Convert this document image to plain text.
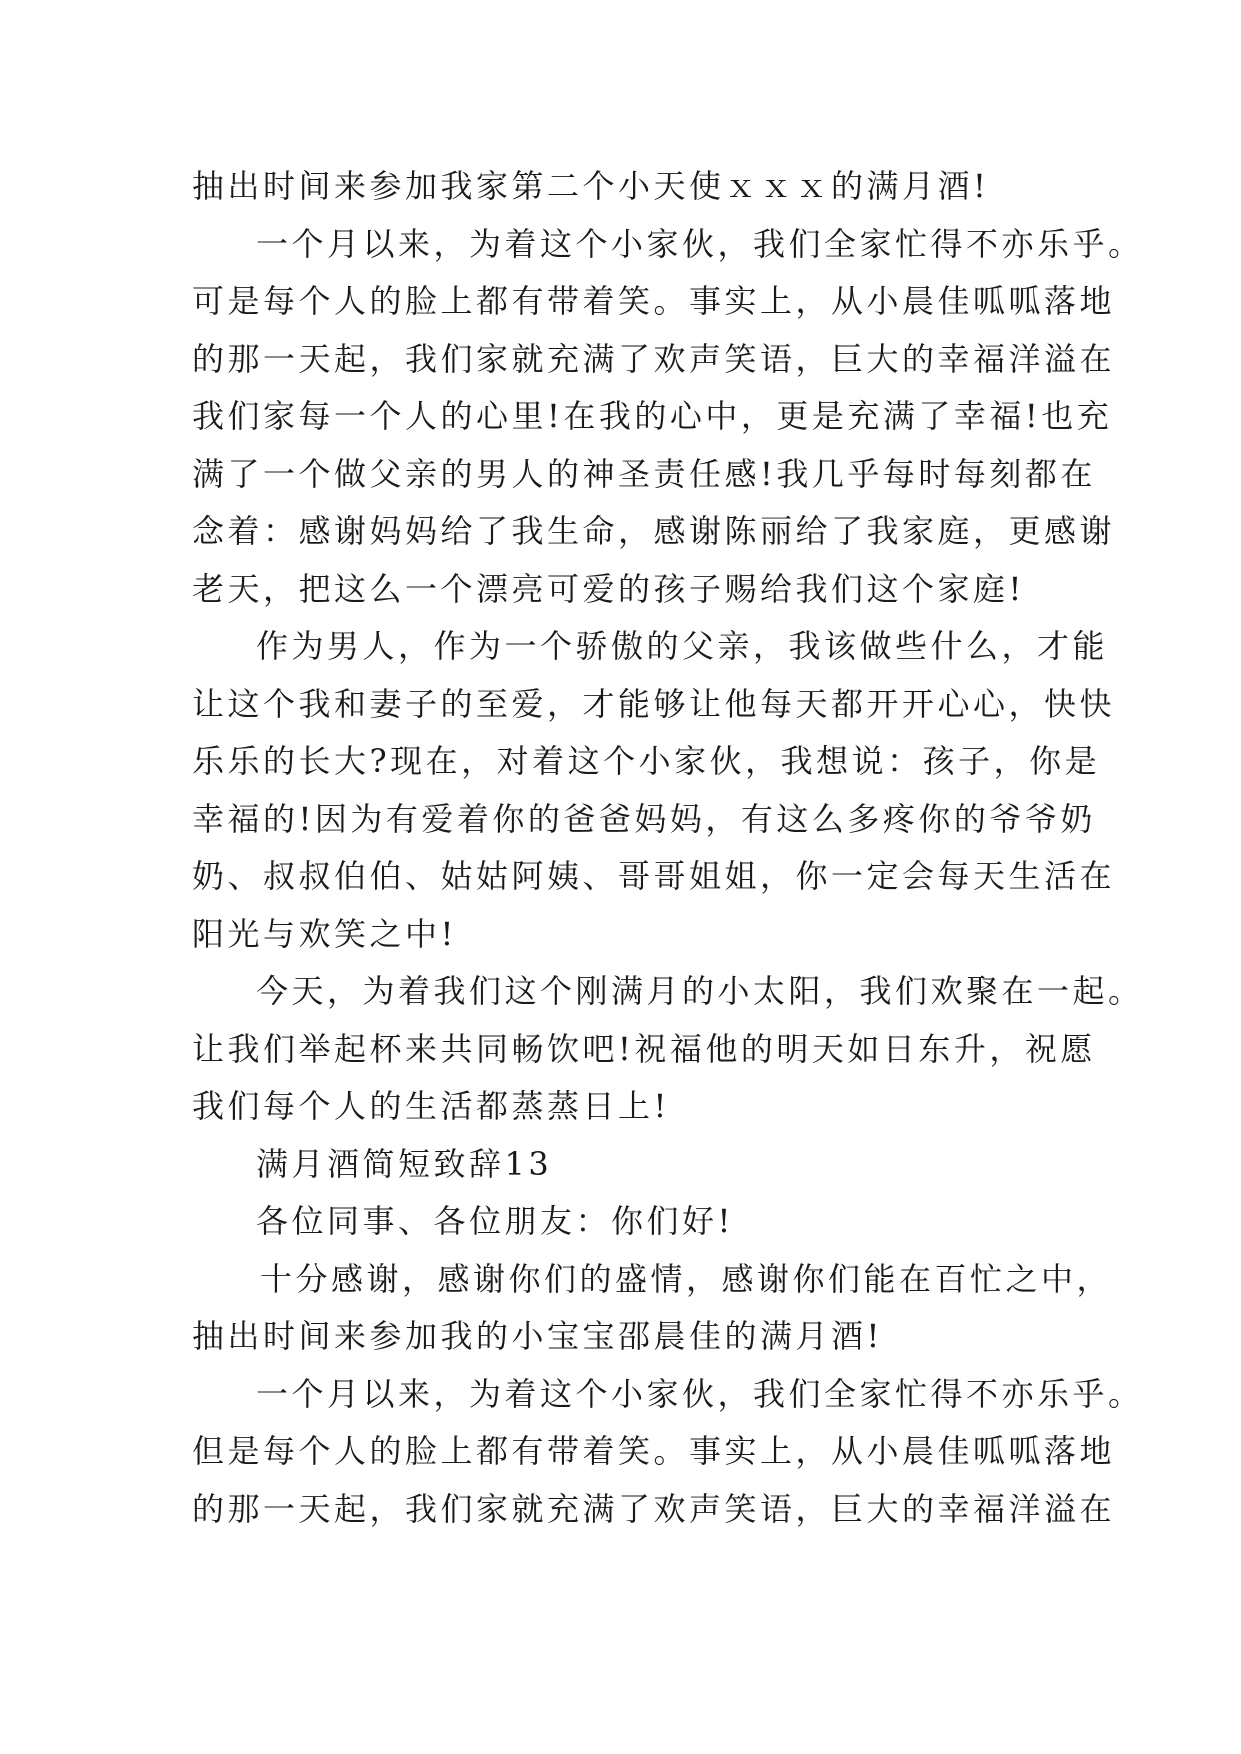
抽出时间来参加我家第二个小天使ｘｘｘ的满月酒!
一个月以来，为着这个小家伙，我们全家忙得不亦乐乎。
可是每个人的脸上都有带着笑。事实上，从小晨佳呱呱落地
的那一天起，我们家就充满了欢声笑语，巨大的幸福洋溢在
我们家每一个人的心里!在我的心中，更是充满了幸福!也充
满了一个做父亲的男人的神圣责任感!我几乎每时每刻都在
念着：感谢妈妈给了我生命，感谢陈丽给了我家庭，更感谢
老天，把这么一个漂亮可爱的孩子赐给我们这个家庭!
作为男人，作为一个骄傲的父亲，我该做些什么，才能
让这个我和妻子的至爱，才能够让他每天都开开心心，快快
乐乐的长大?现在，对着这个小家伙，我想说：孩子，你是
幸福的!因为有爱着你的爸爸妈妈，有这么多疼你的爷爷奶
奶、叔叔伯伯、姑姑阿姨、哥哥姐姐，你一定会每天生活在
阳光与欢笑之中!
今天，为着我们这个刚满月的小太阳，我们欢聚在一起。
让我们举起杯来共同畅饮吧!祝福他的明天如日东升，祝愿
我们每个人的生活都蒸蒸日上!
满月酒简短致辞13
各位同事、各位朋友：你们好!
十分感谢，感谢你们的盛情，感谢你们能在百忙之中，
抽出时间来参加我的小宝宝邵晨佳的满月酒!
一个月以来，为着这个小家伙，我们全家忙得不亦乐乎。
但是每个人的脸上都有带着笑。事实上，从小晨佳呱呱落地
的那一天起，我们家就充满了欢声笑语，巨大的幸福洋溢在
